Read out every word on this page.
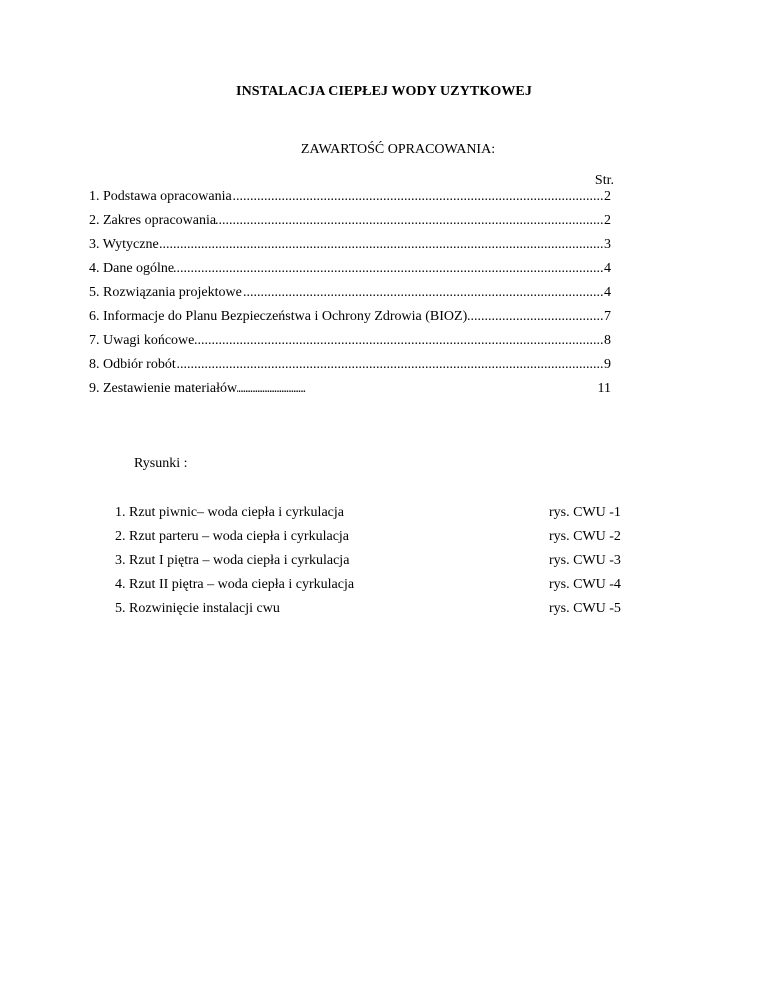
INSTALACJA CIEPŁEJ WODY UZYTKOWEJ
ZAWARTOŚĆ OPRACOWANIA:
Str.
.....
1. Podstawa opracowania	2
.....
2. Zakres opracowania	2
.....
3. Wytyczne	3
.....
4. Dane ogólne	4
.....
5. Rozwiązania projektowe	4
.....
6. Informacje do Planu Bezpieczeństwa i Ochrony Zdrowia (BIOZ)	7
.....
7. Uwagi końcowe	8
.....
8. Odbiór robót	9
. . .
9. Zestawienie materiałów	11
Rysunki :
1. Rzut piwnic– woda ciepła i cyrkulacja	rys. CWU -1
2. Rzut parteru – woda ciepła i cyrkulacja	rys. CWU -2
3. Rzut I piętra – woda ciepła i cyrkulacja	rys. CWU -3
4. Rzut II piętra – woda ciepła i cyrkulacja	rys. CWU -4
5. Rozwinięcie instalacji cwu	rys. CWU -5
